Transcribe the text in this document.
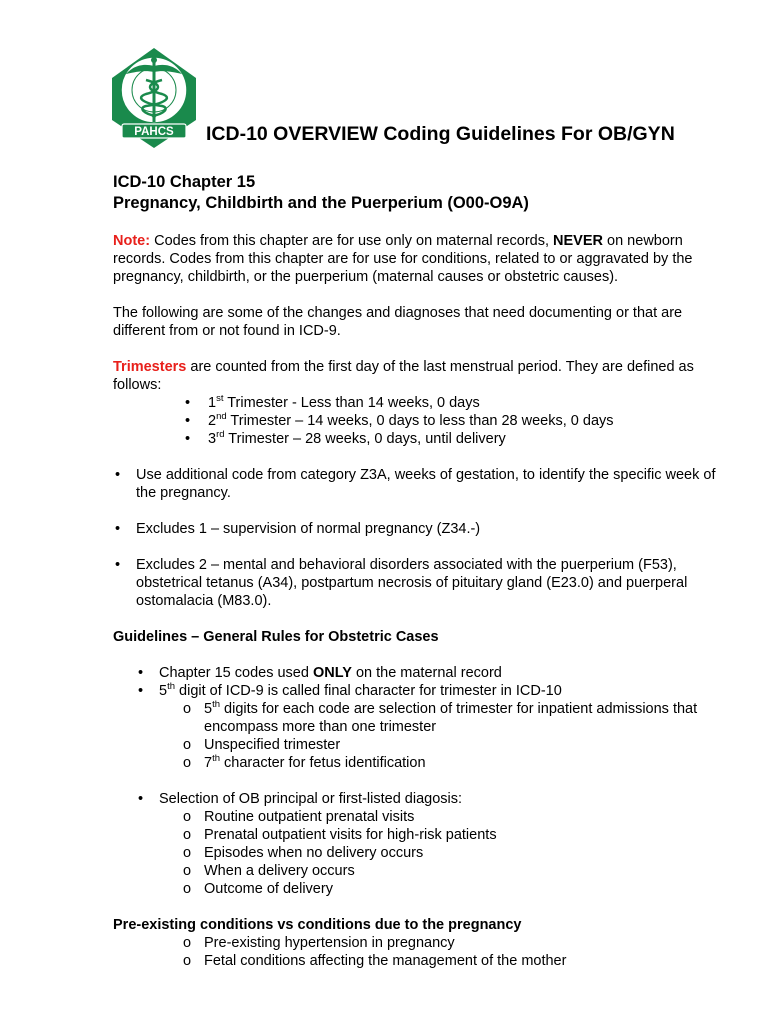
PAHCS ICD-10 OVERVIEW Coding Guidelines For OB/GYN

ICD-10 Chapter 15

Pregnancy, Childbirth and the Puerperium (O00-O9A)

Note: Codes from this chapter are for use only on maternal records, NEVER on newborn records. Codes from this chapter are for use for conditions, related to or aggravated by the pregnancy, childbirth, or the puerperium (maternal causes or obstetric causes).

The following are some of the changes and diagnoses that need documenting or that are different from or not found in ICD-9.

Trimesters are counted from the first day of the last menstrual period. They are defined as follows:

• 1st Trimester - Less than 14 weeks, 0 days
• 2nd Trimester – 14 weeks, 0 days to less than 28 weeks, 0 days
• 3rd Trimester – 28 weeks, 0 days, until delivery
• Use additional code from category Z3A, weeks of gestation, to identify the specific week of the pregnancy.
• Excludes 1 – supervision of normal pregnancy (Z34.-)
• Excludes 2 – mental and behavioral disorders associated with the puerperium (F53), obstetrical tetanus (A34), postpartum necrosis of pituitary gland (E23.0) and puerperal ostomalacia (M83.0).

Guidelines – General Rules for Obstetric Cases

• Chapter 15 codes used ONLY on the maternal record
• 5th digit of ICD-9 is called final character for trimester in ICD-10
o 5th digits for each code are selection of trimester for inpatient admissions that encompass more than one trimester
o Unspecified trimester
o 7th character for fetus identification
• Selection of OB principal or first-listed diagosis:
o Routine outpatient prenatal visits
o Prenatal outpatient visits for high-risk patients
o Episodes when no delivery occurs
o When a delivery occurs
o Outcome of delivery

Pre-existing conditions vs conditions due to the pregnancy

o Pre-existing hypertension in pregnancy
o Fetal conditions affecting the management of the mother
